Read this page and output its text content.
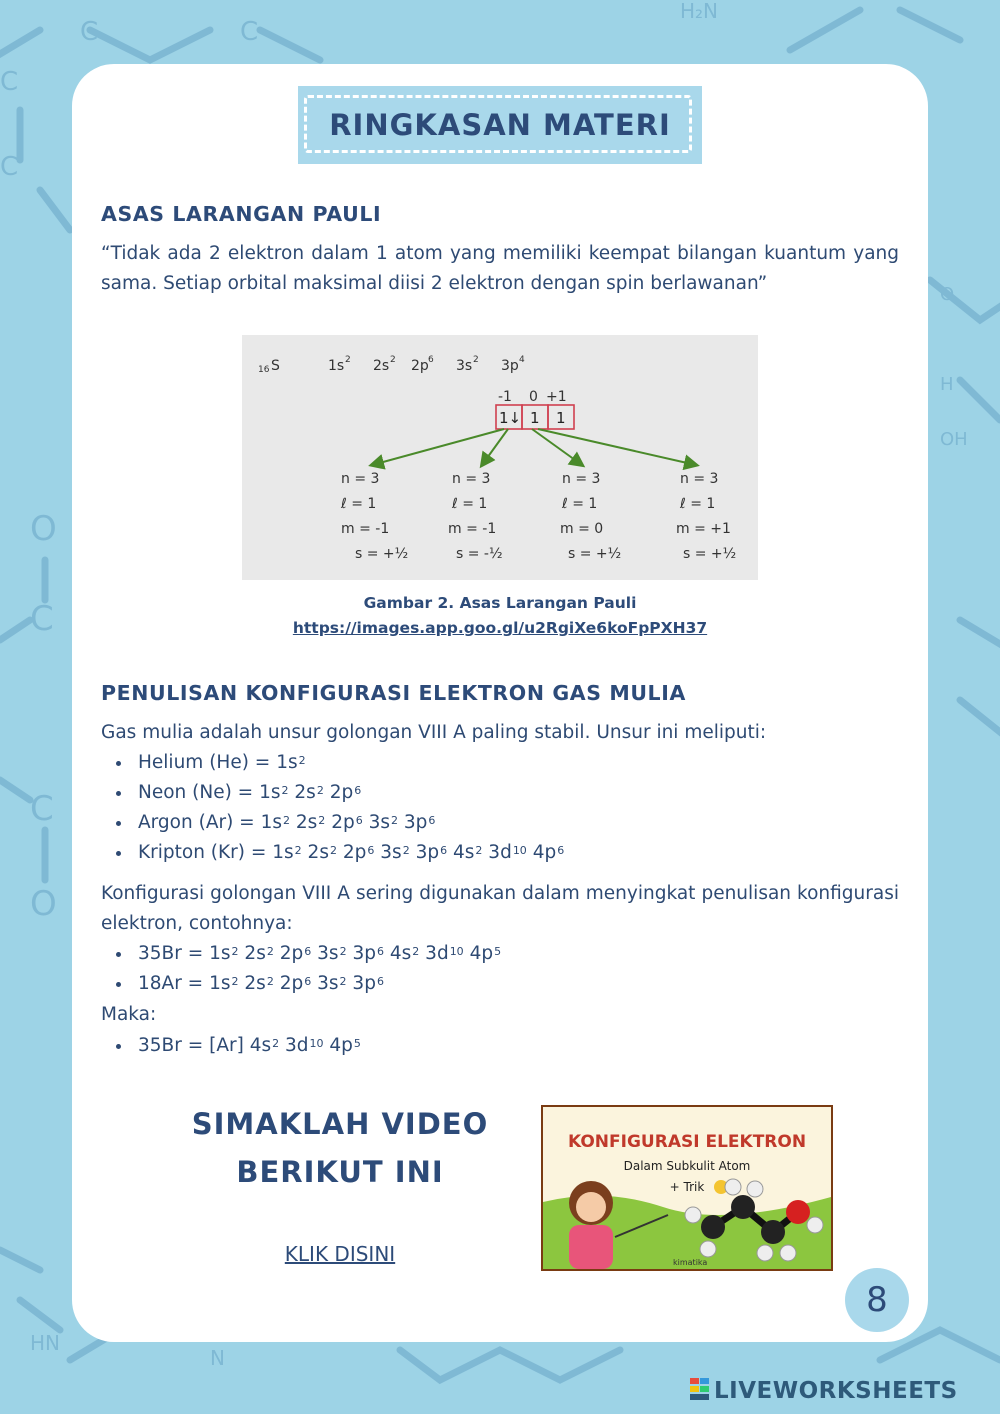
C	C
C
C
H₂N
O
H
OH
O
C
C
O
HN
N
RINGKASAN MATERI
ASAS LARANGAN PAULI
“Tidak ada 2 elektron dalam 1 atom yang memiliki keempat bilangan kuantum yang sama. Setiap orbital maksimal diisi 2 elektron dengan spin berlawanan”
16 S	1s 2 2s 2 2p 6 3s 2 3p 4
-1 0 +1
1↓ 1 1
n = 3
ℓ = 1
m = -1
s = +½
n = 3
ℓ = 1
m = -1
s = -½
n = 3
ℓ = 1
m = 0
s = +½
n = 3
ℓ = 1
m = +1
s = +½
Gambar 2. Asas Larangan Pauli
https://images.app.goo.gl/u2RgiXe6koFpPXH37
PENULISAN KONFIGURASI ELEKTRON GAS MULIA
Gas mulia adalah unsur golongan VIII A paling stabil. Unsur ini meliputi:
Helium $(He) = 1s^2$
Neon $(Ne) = 1s^2$ $2s^2$ $2p^6$
Argon $(Ar) = 1s^2$ $2s^2$ $2p^6$ $3s^2$ $3p^6$
Kripton $(Kr) = 1s^2$ $2s^2$ $2p^6$ $3s^2$ $3p^6$ $4s^2$ $3d^{10}$ $4p^6$
Konfigurasi golongan VIII A sering digunakan dalam menyingkat penulisan konfigurasi elektron, contohnya:
$35Br = 1s^2$ $2s^2$ $2p^6$ $3s^2$ $3p^6$ $4s^2$ $3d^{10}$ $4p^5$
$18Ar = 1s^2$ $2s^2$ $2p^6$ $3s^2$ $3p^6$
Maka:
35Br = [Ar] $4s^2$ $3d^{10}$ $4p^5$
SIMAKLAH VIDEO
BERIKUT INI
KLIK DISINI
KONFIGURASI ELEKTRON
Dalam Subkulit Atom
+ Trik
kimatika
8
LIVEWORKSHEETS
